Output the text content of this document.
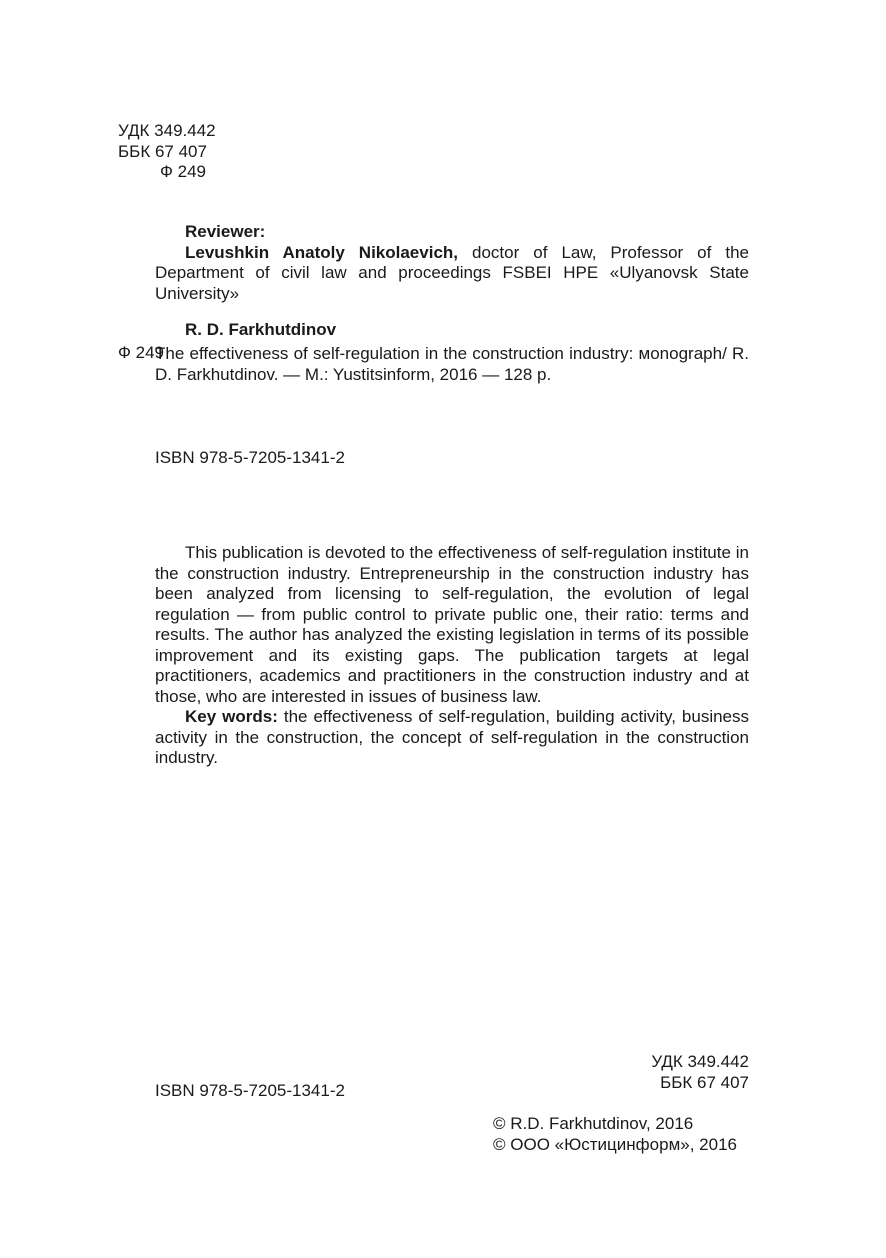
УДК 349.442
ББК 67 407
Ф 249
Reviewer:
Levushkin Anatoly Nikolaevich, doctor of Law, Professor of the Department of civil law and proceedings FSBEI HPE «Ulyanovsk State University»
R. D. Farkhutdinov
Ф 249
The effectiveness of self-regulation in the construction industry: мonograph/ R. D. Farkhutdinov. — M.: Yustitsinform, 2016 — 128 р.
ISBN 978-5-7205-1341-2

This publication is devoted to the effectiveness of self-regulation institute in the construction industry. Entrepreneurship in the construction industry has been analyzed from licensing to self-regulation, the evolution of legal regulation — from public control to private public one, their ratio: terms and results. The author has analyzed the existing legislation in terms of its possible improvement and its existing gaps. The publication targets at legal practitioners, academics and practitioners in the construction industry and at those, who are interested in issues of business law.

Key words: the effectiveness of self-regulation, building activity, business activity in the construction, the concept of self-regulation in the construction industry.

УДК 349.442
ББК 67 407
ISBN 978-5-7205-1341-2
© R.D. Farkhutdinov, 2016
© ООО «Юстицинформ», 2016
